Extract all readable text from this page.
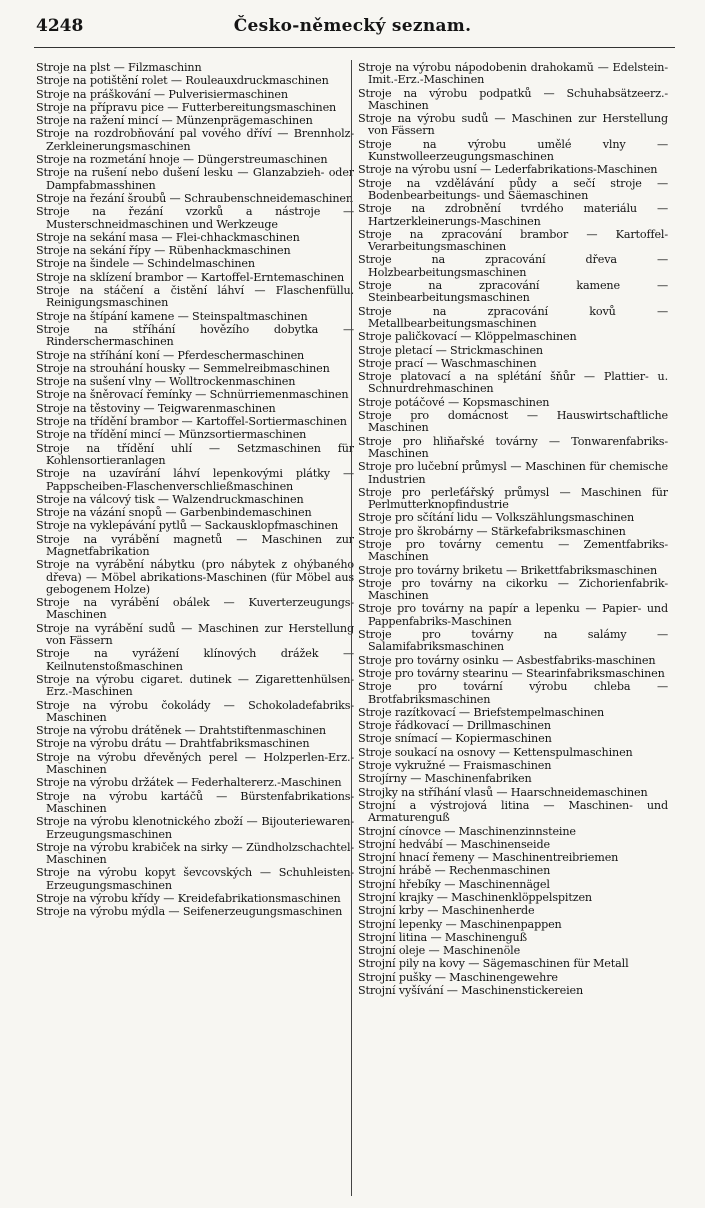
4248	Česko-německý seznam.
Stroje na plst — Filzmaschinn
Stroje na potištění rolet — Rouleauxdruckmaschinen
Stroje na práškování — Pulverisiermaschinen
Stroje na přípravu pice — Futterbereitungsmaschinen
Stroje na ražení mincí — Münzenprägemaschinen
Stroje na rozdrobňování pal vového dříví — Brennholz-Zerkleinerungsmaschinen
Stroje na rozmetání hnoje — Düngerstreumaschinen
Stroje na rušení nebo dušení lesku — Glanzabzieh- oder Dampfabmasshinen
Stroje na řezání šroubů — Schraubenschneidemaschinen
Stroje na řezání vzorků a nástroje — Musterschneidmaschinen und Werkzeuge
Stroje na sekání masa — Flei-chhackmaschinen
Stroje na sekání řípy — Rübenhackmaschinen
Stroje na šindele — Schindelmaschinen
Stroje na sklízení brambor — Kartoffel-Erntemaschinen
Stroje na stáčení a čistění láhví — Flaschenfüllu. Reinigungsmaschinen
Stroje na štípání kamene — Steinspaltmaschinen
Stroje na stříhání hovězího dobytka — Rinderschermaschinen
Stroje na stříhání koní — Pferdeschermaschinen
Stroje na strouhání housky — Semmelreibmaschinen
Stroje na sušení vlny — Wolltrockenmaschinen
Stroje na šněrovací řemínky — Schnürriemenmaschinen
Stroje na těstoviny — Teigwarenmaschinen
Stroje na třídění brambor — Kartoffel-Sortiermaschinen
Stroje na třídění mincí — Münzsortiermaschinen
Stroje na třídění uhlí — Setzmaschinen für Kohlensortieranlagen
Stroje na uzavírání láhví lepenkovými plátky — Pappscheiben-Flaschenverschließmaschinen
Stroje na válcový tisk — Walzendruckmaschinen
Stroje na vázání snopů — Garbenbindemaschinen
Stroje na vyklepávání pytlů — Sackausklopfmaschinen
Stroje na vyrábění magnetů — Maschinen zur Magnetfabrikation
Stroje na vyrábění nábytku (pro nábytek z ohýbaného dřeva) — Möbel abrikations-Maschinen (für Möbel aus gebogenem Holze)
Stroje na vyrábění obálek — Kuverterzeugungs-Maschinen
Stroje na vyrábění sudů — Maschinen zur Herstellung von Fässern
Stroje na vyrážení klínových drážek — Keilnutenstoßmaschinen
Stroje na výrobu cigaret. dutinek — Zigarettenhülsen-Erz.-Maschinen
Stroje na výrobu čokolády — Schokoladefabriks-Maschinen
Stroje na výrobu drátěnek — Drahtstiftenmaschinen
Stroje na výrobu drátu — Drahtfabriksmaschinen
Stroje na výrobu dřevěných perel — Holzperlen-Erz.-Maschinen
Stroje na výrobu držátek — Federhaltererz.-Maschinen
Stroje na výrobu kartáčů — Bürstenfabrikations-Maschinen
Stroje na výrobu klenotnického zboží — Bijouteriewaren-Erzeugungsmaschinen
Stroje na výrobu krabiček na sirky — Zündholzschachtel-Maschinen
Stroje na výrobu kopyt ševcovských — Schuhleisten-Erzeugungsmaschinen
Stroje na výrobu křídy — Kreidefabrikationsmaschinen
Stroje na výrobu mýdla — Seifenerzeugungsmaschinen
Stroje na výrobu nápodobenin drahokamů — Edelstein-Imit.-Erz.-Maschinen
Stroje na výrobu podpatků — Schuhabsätzeerz.-Maschinen
Stroje na výrobu sudů — Maschinen zur Herstellung von Fässern
Stroje na výrobu umělé vlny — Kunstwolleerzeugungsmaschinen
Stroje na výrobu usní — Lederfabrikations-Maschinen
Stroje na vzdělávání půdy a sečí stroje — Bodenbearbeitungs- und Säemaschinen
Stroje na zdrobnění tvrdého materiálu — Hartzerkleinerungs-Maschinen
Stroje na zpracování brambor — Kartoffel-Verarbeitungsmaschinen
Stroje na zpracování dřeva — Holzbearbeitungsmaschinen
Stroje na zpracování kamene — Steinbearbeitungsmaschinen
Stroje na zpracování kovů — Metallbearbeitungsmaschinen
Stroje paličkovací — Klöppelmaschinen
Stroje pletací — Strickmaschinen
Stroje prací — Waschmaschinen
Stroje platovací a na splétání šňůr — Plattier- u. Schnurdrehmaschinen
Stroje potáčové — Kopsmaschinen
Stroje pro domácnost — Hauswirtschaftliche Maschinen
Stroje pro hliňařské továrny — Tonwarenfabriks-Maschinen
Stroje pro lučební průmysl — Maschinen für chemische Industrien
Stroje pro perleťářský průmysl — Maschinen für Perlmutterknopfindustrie
Stroje pro sčítání lidu — Volkszählungsmaschinen
Stroje pro škrobárny — Stärkefabriksmaschinen
Stroje pro továrny cementu — Zementfabriks-Maschinen
Stroje pro továrny briketu — Brikettfabriksmaschinen
Stroje pro továrny na cikorku — Zichorienfabrik-Maschinen
Stroje pro továrny na papír a lepenku — Papier- und Pappenfabriks-Maschinen
Stroje pro továrny na salámy — Salamifabriksmaschinen
Stroje pro továrny osinku — Asbestfabriks-maschinen
Stroje pro továrny stearinu — Stearinfabriksmaschinen
Stroje pro tovární výrobu chleba — Brotfabriksmaschinen
Stroje razítkovací — Briefstempelmaschinen
Stroje řádkovací — Drillmaschinen
Stroje snímací — Kopiermaschinen
Stroje soukací na osnovy — Kettenspulmaschinen
Stroje vykružné — Fraismaschinen
Strojírny — Maschinenfabriken
Strojky na stříhání vlasů — Haarschneidemaschinen
Strojní a výstrojová litina — Maschinen- und Armaturenguß
Strojní cínovce — Maschinenzinnsteine
Strojní hedvábí — Maschinenseide
Strojní hnací řemeny — Maschinentreibriemen
Strojní hrábě — Rechenmaschinen
Strojní hřebíky — Maschinennägel
Strojní krajky — Maschinenklöppelspitzen
Strojní krby — Maschinenherde
Strojní lepenky — Maschinenpappen
Strojní litina — Maschinenguß
Strojní oleje — Maschinenöle
Strojní pily na kovy — Sägemaschinen für Metall
Strojní pušky — Maschinengewehre
Strojní vyšívání — Maschinenstickereien
